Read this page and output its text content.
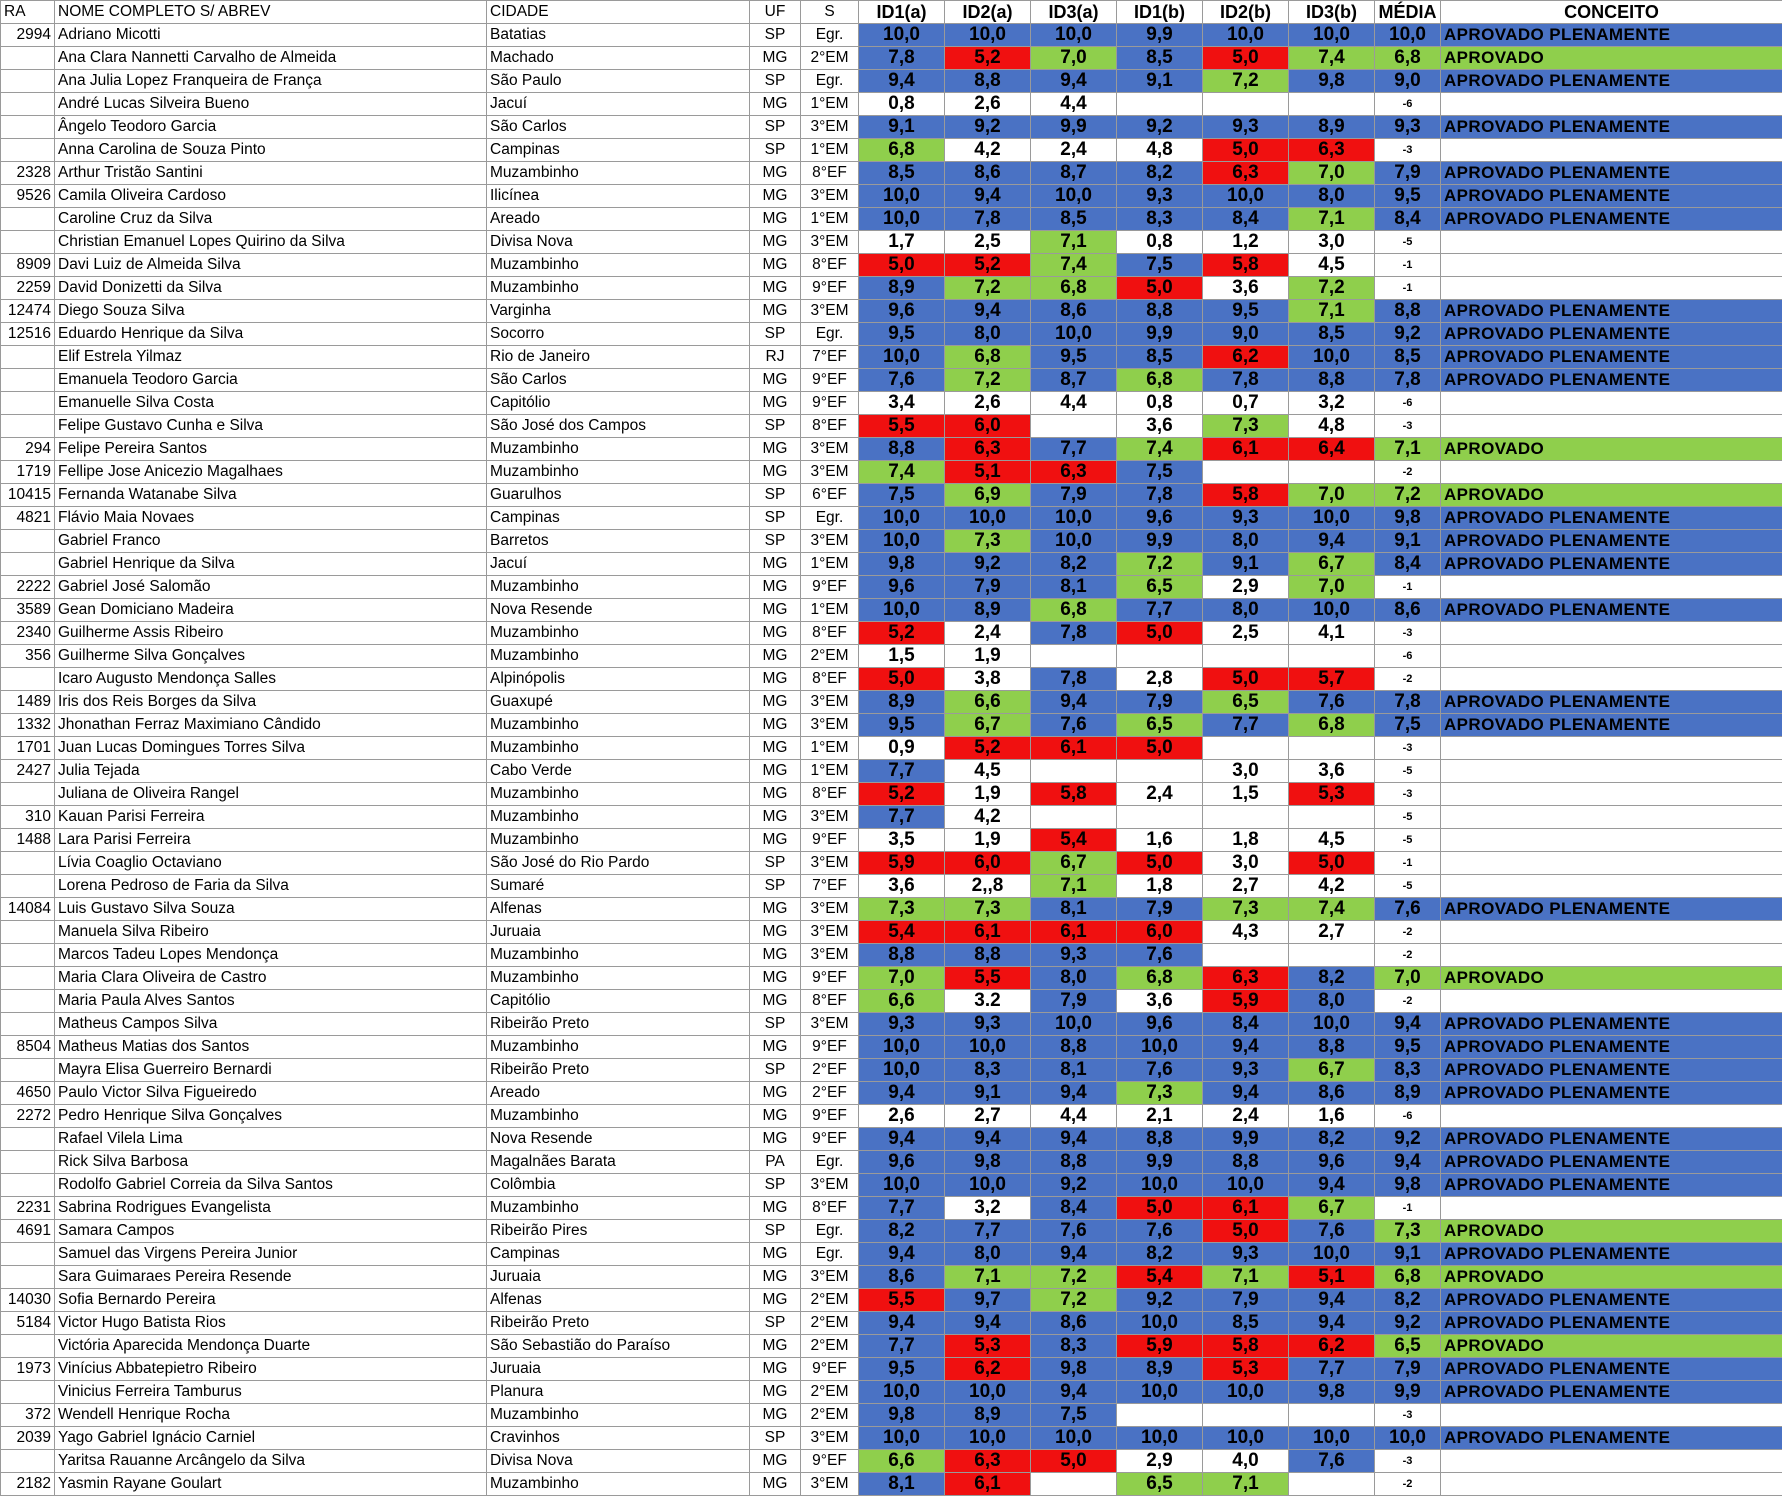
RA	NOME COMPLETO S/ ABREV	CIDADE	UF	S	ID1(a)	ID2(a)	ID3(a)	ID1(b)	ID2(b)	ID3(b)	MÉDIA	CONCEITO
2994	Adriano Micotti	Batatias	SP	Egr.	10,0	10,0	10,0	9,9	10,0	10,0	10,0	APROVADO PLENAMENTE
	Ana Clara Nannetti Carvalho de Almeida	Machado	MG	2°EM	7,8	5,2	7,0	8,5	5,0	7,4	6,8	APROVADO
	Ana Julia Lopez Franqueira de França	São Paulo	SP	Egr.	9,4	8,8	9,4	9,1	7,2	9,8	9,0	APROVADO PLENAMENTE
	André Lucas Silveira Bueno	Jacuí	MG	1°EM	0,8	2,6	4,4				-6	
	Ângelo Teodoro Garcia	São Carlos	SP	3°EM	9,1	9,2	9,9	9,2	9,3	8,9	9,3	APROVADO PLENAMENTE
	Anna Carolina de Souza Pinto	Campinas	SP	1°EM	6,8	4,2	2,4	4,8	5,0	6,3	-3	
2328	Arthur Tristão Santini	Muzambinho	MG	8°EF	8,5	8,6	8,7	8,2	6,3	7,0	7,9	APROVADO PLENAMENTE
9526	Camila Oliveira Cardoso	Ilicínea	MG	3°EM	10,0	9,4	10,0	9,3	10,0	8,0	9,5	APROVADO PLENAMENTE
	Caroline Cruz da Silva	Areado	MG	1°EM	10,0	7,8	8,5	8,3	8,4	7,1	8,4	APROVADO PLENAMENTE
	Christian Emanuel Lopes Quirino da Silva	Divisa Nova	MG	3°EM	1,7	2,5	7,1	0,8	1,2	3,0	-5	
8909	Davi Luiz de Almeida Silva	Muzambinho	MG	8°EF	5,0	5,2	7,4	7,5	5,8	4,5	-1	
2259	David Donizetti da Silva	Muzambinho	MG	9°EF	8,9	7,2	6,8	5,0	3,6	7,2	-1	
12474	Diego Souza Silva	Varginha	MG	3°EM	9,6	9,4	8,6	8,8	9,5	7,1	8,8	APROVADO PLENAMENTE
12516	Eduardo Henrique da Silva	Socorro	SP	Egr.	9,5	8,0	10,0	9,9	9,0	8,5	9,2	APROVADO PLENAMENTE
	Elif Estrela Yilmaz	Rio de Janeiro	RJ	7°EF	10,0	6,8	9,5	8,5	6,2	10,0	8,5	APROVADO PLENAMENTE
	Emanuela Teodoro Garcia	São Carlos	MG	9°EF	7,6	7,2	8,7	6,8	7,8	8,8	7,8	APROVADO PLENAMENTE
	Emanuelle Silva Costa	Capitólio	MG	9°EF	3,4	2,6	4,4	0,8	0,7	3,2	-6	
	Felipe Gustavo Cunha e Silva	São José dos Campos	SP	8°EF	5,5	6,0		3,6	7,3	4,8	-3	
294	Felipe Pereira Santos	Muzambinho	MG	3°EM	8,8	6,3	7,7	7,4	6,1	6,4	7,1	APROVADO
1719	Fellipe Jose Anicezio Magalhaes	Muzambinho	MG	3°EM	7,4	5,1	6,3	7,5			-2	
10415	Fernanda Watanabe Silva	Guarulhos	SP	6°EF	7,5	6,9	7,9	7,8	5,8	7,0	7,2	APROVADO
4821	Flávio Maia Novaes	Campinas	SP	Egr.	10,0	10,0	10,0	9,6	9,3	10,0	9,8	APROVADO PLENAMENTE
	Gabriel Franco	Barretos	SP	3°EM	10,0	7,3	10,0	9,9	8,0	9,4	9,1	APROVADO PLENAMENTE
	Gabriel Henrique da Silva	Jacuí	MG	1°EM	9,8	9,2	8,2	7,2	9,1	6,7	8,4	APROVADO PLENAMENTE
2222	Gabriel José Salomão	Muzambinho	MG	9°EF	9,6	7,9	8,1	6,5	2,9	7,0	-1	
3589	Gean Domiciano Madeira	Nova Resende	MG	1°EM	10,0	8,9	6,8	7,7	8,0	10,0	8,6	APROVADO PLENAMENTE
2340	Guilherme Assis Ribeiro	Muzambinho	MG	8°EF	5,2	2,4	7,8	5,0	2,5	4,1	-3	
356	Guilherme Silva Gonçalves	Muzambinho	MG	2°EM	1,5	1,9					-6	
	Icaro Augusto Mendonça Salles	Alpinópolis	MG	8°EF	5,0	3,8	7,8	2,8	5,0	5,7	-2	
1489	Iris dos Reis Borges da Silva	Guaxupé	MG	3°EM	8,9	6,6	9,4	7,9	6,5	7,6	7,8	APROVADO PLENAMENTE
1332	Jhonathan Ferraz Maximiano Cândido	Muzambinho	MG	3°EM	9,5	6,7	7,6	6,5	7,7	6,8	7,5	APROVADO PLENAMENTE
1701	Juan Lucas Domingues Torres Silva	Muzambinho	MG	1°EM	0,9	5,2	6,1	5,0			-3	
2427	Julia Tejada	Cabo Verde	MG	1°EM	7,7	4,5			3,0	3,6	-5	
	Juliana de Oliveira Rangel	Muzambinho	MG	8°EF	5,2	1,9	5,8	2,4	1,5	5,3	-3	
310	Kauan Parisi Ferreira	Muzambinho	MG	3°EM	7,7	4,2					-5	
1488	Lara Parisi Ferreira	Muzambinho	MG	9°EF	3,5	1,9	5,4	1,6	1,8	4,5	-5	
	Lívia Coaglio Octaviano	São José do Rio Pardo	SP	3°EM	5,9	6,0	6,7	5,0	3,0	5,0	-1	
	Lorena Pedroso de Faria da Silva	Sumaré	SP	7°EF	3,6	2,,8	7,1	1,8	2,7	4,2	-5	
14084	Luis Gustavo Silva Souza	Alfenas	MG	3°EM	7,3	7,3	8,1	7,9	7,3	7,4	7,6	APROVADO PLENAMENTE
	Manuela Silva Ribeiro	Juruaia	MG	3°EM	5,4	6,1	6,1	6,0	4,3	2,7	-2	
	Marcos Tadeu Lopes Mendonça	Muzambinho	MG	3°EM	8,8	8,8	9,3	7,6			-2	
	Maria Clara Oliveira de Castro	Muzambinho	MG	9°EF	7,0	5,5	8,0	6,8	6,3	8,2	7,0	APROVADO
	Maria Paula Alves Santos	Capitólio	MG	8°EF	6,6	3.2	7,9	3,6	5,9	8,0	-2	
	Matheus Campos Silva	Ribeirão Preto	SP	3°EM	9,3	9,3	10,0	9,6	8,4	10,0	9,4	APROVADO PLENAMENTE
8504	Matheus Matias dos Santos	Muzambinho	MG	9°EF	10,0	10,0	8,8	10,0	9,4	8,8	9,5	APROVADO PLENAMENTE
	Mayra Elisa Guerreiro Bernardi	Ribeirão Preto	SP	2°EF	10,0	8,3	8,1	7,6	9,3	6,7	8,3	APROVADO PLENAMENTE
4650	Paulo Victor Silva Figueiredo	Areado	MG	2°EF	9,4	9,1	9,4	7,3	9,4	8,6	8,9	APROVADO PLENAMENTE
2272	Pedro Henrique Silva Gonçalves	Muzambinho	MG	9°EF	2,6	2,7	4,4	2,1	2,4	1,6	-6	
	Rafael Vilela Lima	Nova Resende	MG	9°EF	9,4	9,4	9,4	8,8	9,9	8,2	9,2	APROVADO PLENAMENTE
	Rick Silva Barbosa	Magalnães Barata	PA	Egr.	9,6	9,8	8,8	9,9	8,8	9,6	9,4	APROVADO PLENAMENTE
	Rodolfo Gabriel Correia da Silva Santos	Colômbia	SP	3°EM	10,0	10,0	9,2	10,0	10,0	9,4	9,8	APROVADO PLENAMENTE
2231	Sabrina Rodrigues Evangelista	Muzambinho	MG	8°EF	7,7	3,2	8,4	5,0	6,1	6,7	-1	
4691	Samara Campos	Ribeirão Pires	SP	Egr.	8,2	7,7	7,6	7,6	5,0	7,6	7,3	APROVADO
	Samuel das Virgens Pereira Junior	Campinas	MG	Egr.	9,4	8,0	9,4	8,2	9,3	10,0	9,1	APROVADO PLENAMENTE
	Sara Guimaraes Pereira Resende	Juruaia	MG	3°EM	8,6	7,1	7,2	5,4	7,1	5,1	6,8	APROVADO
14030	Sofia Bernardo Pereira	Alfenas	MG	2°EM	5,5	9,7	7,2	9,2	7,9	9,4	8,2	APROVADO PLENAMENTE
5184	Victor Hugo Batista Rios	Ribeirão Preto	SP	2°EM	9,4	9,4	8,6	10,0	8,5	9,4	9,2	APROVADO PLENAMENTE
	Victória Aparecida Mendonça Duarte	São Sebastião do Paraíso	MG	2°EM	7,7	5,3	8,3	5,9	5,8	6,2	6,5	APROVADO
1973	Vinícius Abbatepietro Ribeiro	Juruaia	MG	9°EF	9,5	6,2	9,8	8,9	5,3	7,7	7,9	APROVADO PLENAMENTE
	Vinicius Ferreira Tamburus	Planura	MG	2°EM	10,0	10,0	9,4	10,0	10,0	9,8	9,9	APROVADO PLENAMENTE
372	Wendell Henrique Rocha	Muzambinho	MG	2°EM	9,8	8,9	7,5				-3	
2039	Yago Gabriel Ignácio Carniel	Cravinhos	SP	3°EM	10,0	10,0	10,0	10,0	10,0	10,0	10,0	APROVADO PLENAMENTE
	Yaritsa Rauanne Arcângelo da Silva	Divisa Nova	MG	9°EF	6,6	6,3	5,0	2,9	4,0	7,6	-3	
2182	Yasmin Rayane Goulart	Muzambinho	MG	3°EM	8,1	6,1		6,5	7,1		-2	
